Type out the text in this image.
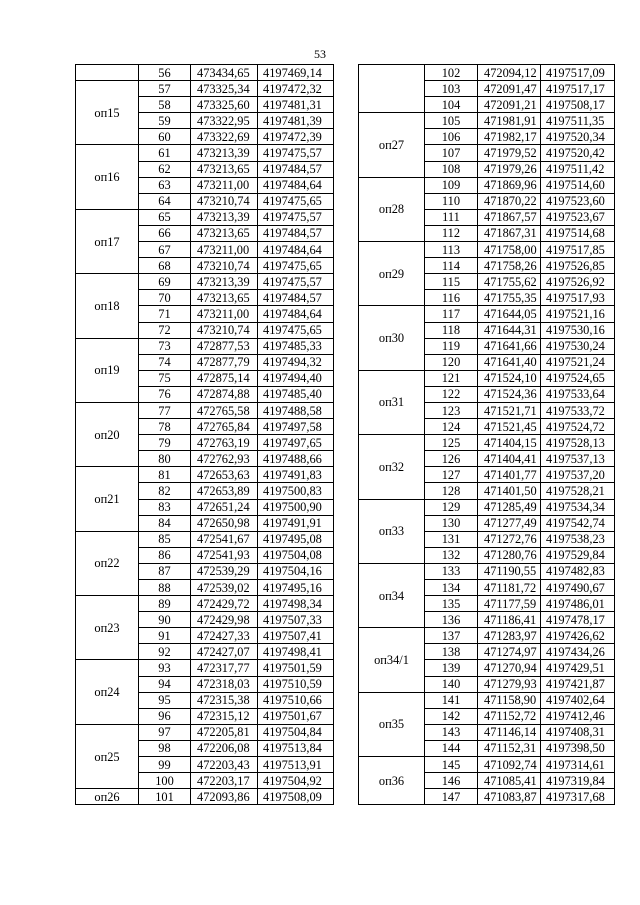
53
	56	473434,65	4197469,14
оп15	57	473325,34	4197472,32
	58	473325,60	4197481,31
	59	473322,95	4197481,39
	60	473322,69	4197472,39
оп16	61	473213,39	4197475,57
	62	473213,65	4197484,57
	63	473211,00	4197484,64
	64	473210,74	4197475,65
оп17	65	473213,39	4197475,57
	66	473213,65	4197484,57
	67	473211,00	4197484,64
	68	473210,74	4197475,65
оп18	69	473213,39	4197475,57
	70	473213,65	4197484,57
	71	473211,00	4197484,64
	72	473210,74	4197475,65
оп19	73	472877,53	4197485,33
	74	472877,79	4197494,32
	75	472875,14	4197494,40
	76	472874,88	4197485,40
оп20	77	472765,58	4197488,58
	78	472765,84	4197497,58
	79	472763,19	4197497,65
	80	472762,93	4197488,66
оп21	81	472653,63	4197491,83
	82	472653,89	4197500,83
	83	472651,24	4197500,90
	84	472650,98	4197491,91
оп22	85	472541,67	4197495,08
	86	472541,93	4197504,08
	87	472539,29	4197504,16
	88	472539,02	4197495,16
оп23	89	472429,72	4197498,34
	90	472429,98	4197507,33
	91	472427,33	4197507,41
	92	472427,07	4197498,41
оп24	93	472317,77	4197501,59
	94	472318,03	4197510,59
	95	472315,38	4197510,66
	96	472315,12	4197501,67
оп25	97	472205,81	4197504,84
	98	472206,08	4197513,84
	99	472203,43	4197513,91
	100	472203,17	4197504,92
оп26	101	472093,86	4197508,09
	102	472094,12	4197517,09
	103	472091,47	4197517,17
	104	472091,21	4197508,17
оп27	105	471981,91	4197511,35
	106	471982,17	4197520,34
	107	471979,52	4197520,42
	108	471979,26	4197511,42
оп28	109	471869,96	4197514,60
	110	471870,22	4197523,60
	111	471867,57	4197523,67
	112	471867,31	4197514,68
оп29	113	471758,00	4197517,85
	114	471758,26	4197526,85
	115	471755,62	4197526,92
	116	471755,35	4197517,93
оп30	117	471644,05	4197521,16
	118	471644,31	4197530,16
	119	471641,66	4197530,24
	120	471641,40	4197521,24
оп31	121	471524,10	4197524,65
	122	471524,36	4197533,64
	123	471521,71	4197533,72
	124	471521,45	4197524,72
оп32	125	471404,15	4197528,13
	126	471404,41	4197537,13
	127	471401,77	4197537,20
	128	471401,50	4197528,21
оп33	129	471285,49	4197534,34
	130	471277,49	4197542,74
	131	471272,76	4197538,23
	132	471280,76	4197529,84
оп34	133	471190,55	4197482,83
	134	471181,72	4197490,67
	135	471177,59	4197486,01
	136	471186,41	4197478,17
оп34/1	137	471283,97	4197426,62
	138	471274,97	4197434,26
	139	471270,94	4197429,51
	140	471279,93	4197421,87
оп35	141	471158,90	4197402,64
	142	471152,72	4197412,46
	143	471146,14	4197408,31
	144	471152,31	4197398,50
оп36	145	471092,74	4197314,61
	146	471085,41	4197319,84
	147	471083,87	4197317,68
